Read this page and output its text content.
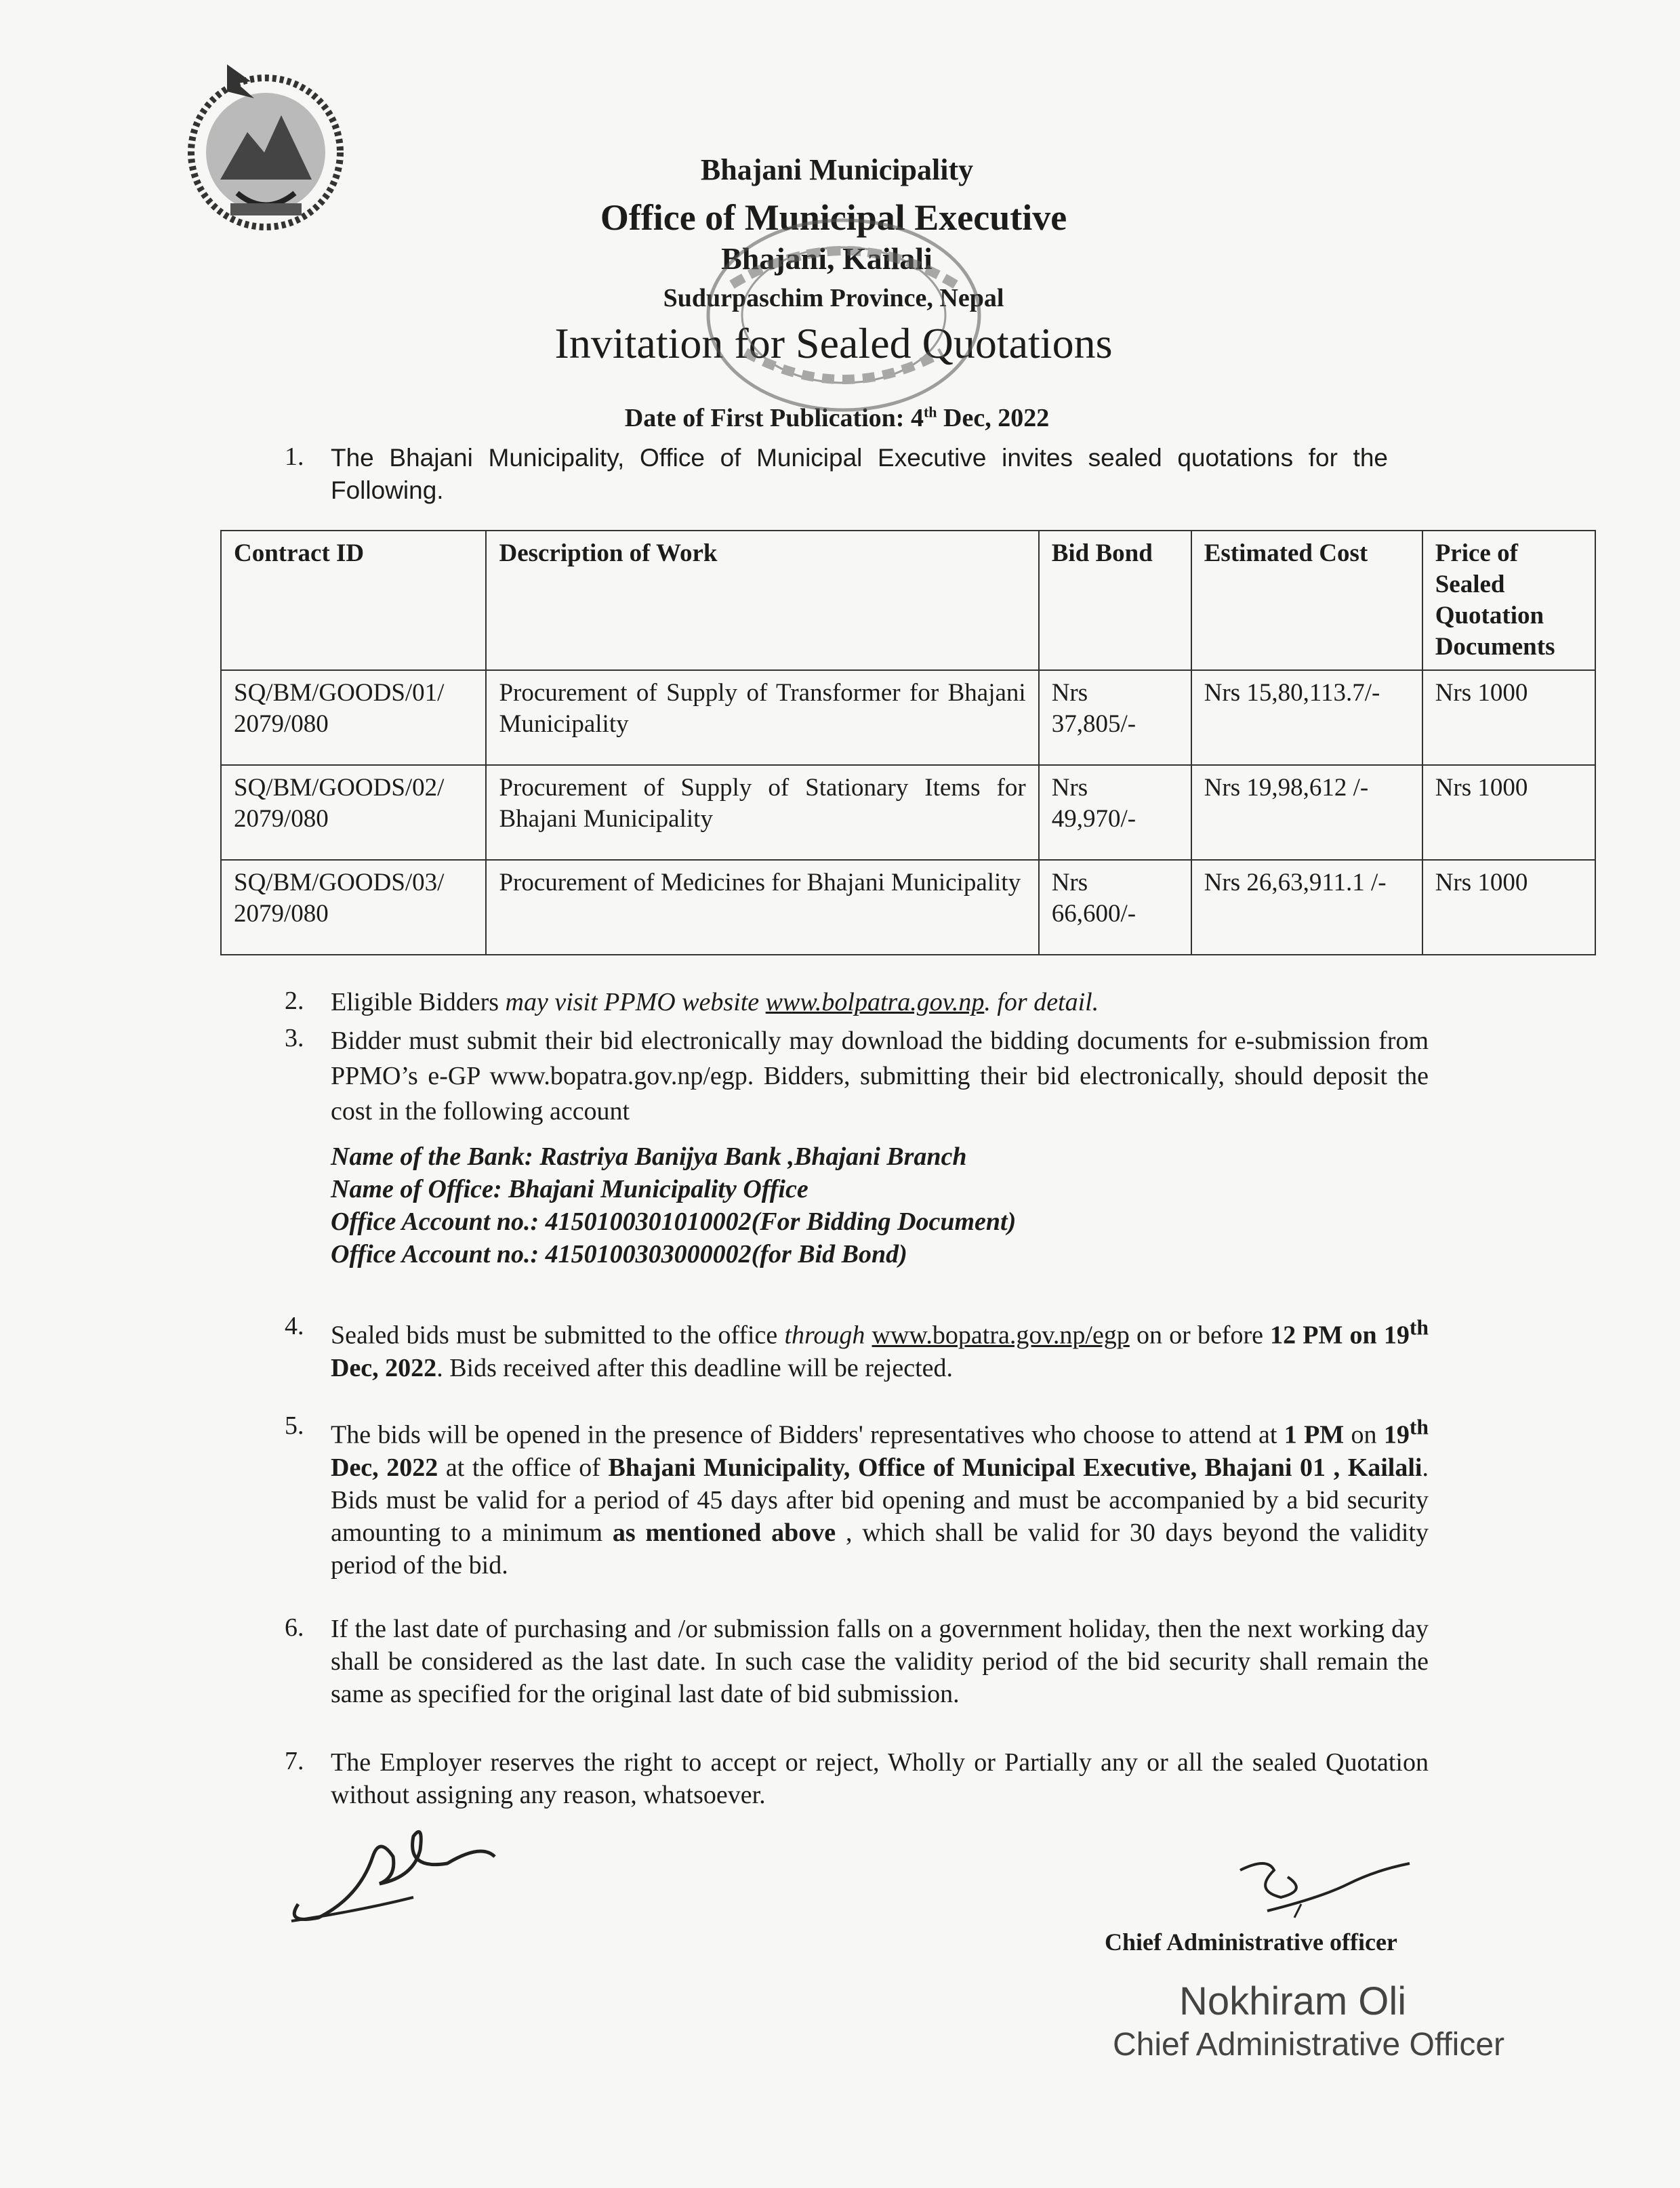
Bhajani Municipality
Office of Municipal Executive
Bhajani, Kailali
Sudurpaschim Province, Nepal
Invitation for Sealed Quotations
Date of First Publication: 4th Dec, 2022
1. The Bhajani Municipality, Office of Municipal Executive invites sealed quotations for the Following.
Contract ID	Description of Work	Bid Bond	Estimated Cost	Price of Sealed Quotation Documents
SQ/BM/GOODS/01/ 2079/080	Procurement of Supply of Transformer for Bhajani Municipality	Nrs 37,805/-	Nrs 15,80,113.7/-	Nrs 1000
SQ/BM/GOODS/02/ 2079/080	Procurement of Supply of Stationary Items for Bhajani Municipality	Nrs 49,970/-	Nrs 19,98,612 /-	Nrs 1000
SQ/BM/GOODS/03/ 2079/080	Procurement of Medicines for Bhajani Municipality	Nrs 66,600/-	Nrs 26,63,911.1 /-	Nrs 1000
2. Eligible Bidders may visit PPMO website www.bolpatra.gov.np. for detail.
3. Bidder must submit their bid electronically may download the bidding documents for e-submission from PPMO’s e-GP www.bopatra.gov.np/egp. Bidders, submitting their bid electronically, should deposit the cost in the following account
Name of the Bank: Rastriya Banijya Bank ,Bhajani Branch
Name of Office: Bhajani Municipality Office
Office Account no.: 4150100301010002(For Bidding Document)
Office Account no.: 4150100303000002(for Bid Bond)
4. Sealed bids must be submitted to the office through www.bopatra.gov.np/egp on or before 12 PM on 19th Dec, 2022. Bids received after this deadline will be rejected.
5. The bids will be opened in the presence of Bidders' representatives who choose to attend at 1 PM on 19th Dec, 2022 at the office of Bhajani Municipality, Office of Municipal Executive, Bhajani 01 , Kailali. Bids must be valid for a period of 45 days after bid opening and must be accompanied by a bid security amounting to a minimum as mentioned above , which shall be valid for 30 days beyond the validity period of the bid.
6. If the last date of purchasing and /or submission falls on a government holiday, then the next working day shall be considered as the last date. In such case the validity period of the bid security shall remain the same as specified for the original last date of bid submission.
7. The Employer reserves the right to accept or reject, Wholly or Partially any or all the sealed Quotation without assigning any reason, whatsoever.
Chief Administrative officer
Nokhiram Oli
Chief Administrative Officer
